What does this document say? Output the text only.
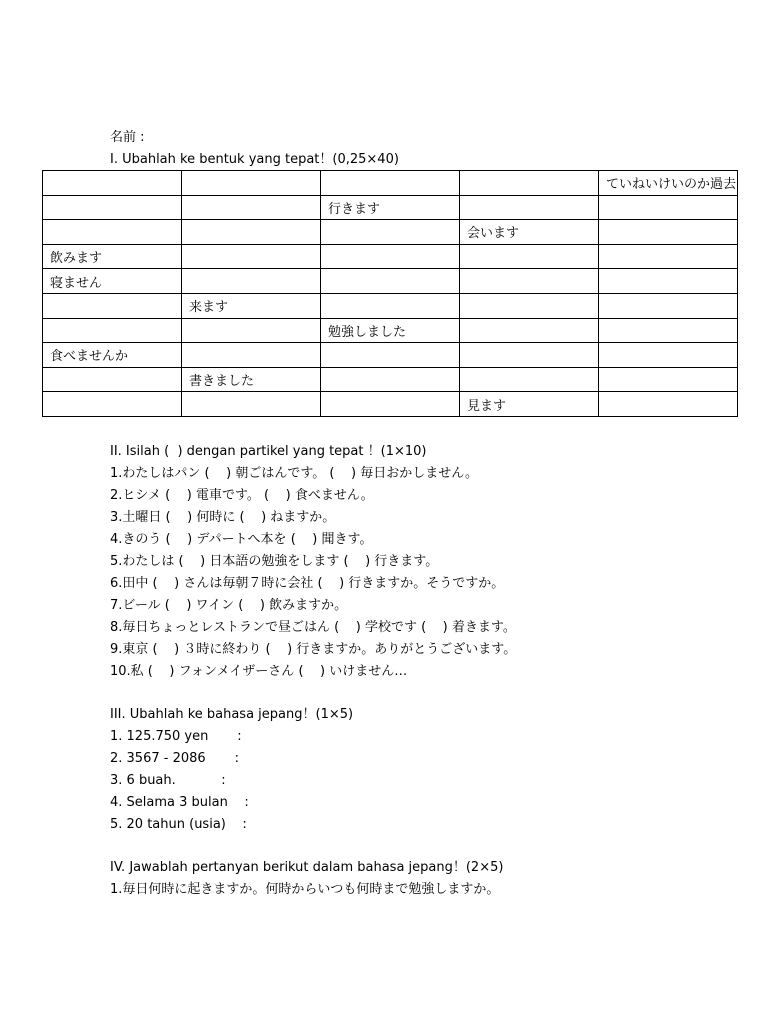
名前 :
I. Ubahlah ke bentuk yang tepat！(0,25×40)
				ていねいけいのか過去
		行きます		
			会います	
飲みます				
寝ません				
	来ます			
		勉強しました		
食べませんか				
	書きました			
			見ます	
II. Isilah (  ) dengan partikel yang tepat ！(1×10)
1.わたしはパン (    ) 朝ごはんです。 (    ) 毎日おかしません。
2.ヒシメ (    ) 電車です。 (    ) 食べません。
3.土曜日 (    ) 何時に (    ) ねますか。
4.きのう (    ) デパートへ本を (    ) 聞きす。
5.わたしは (    ) 日本語の勉強をします (    ) 行きます。
6.田中 (    ) さんは毎朝７時に会社 (    ) 行きますか。そうですか。
7.ビール (    ) ワイン (    ) 飲みますか。
8.毎日ちょっとレストランで昼ごはん (    ) 学校です (    ) 着きます。
9.東京 (    ) ３時に終わり (    ) 行きますか。ありがとうございます。
10.私 (    ) フォンメイザーさん (    ) いけません…
III. Ubahlah ke bahasa jepang！(1×5)
1. 125.750 yen       :
2. 3567 - 2086       :
3. 6 buah.           :
4. Selama 3 bulan    :
5. 20 tahun (usia)    :
IV. Jawablah pertanyan berikut dalam bahasa jepang！(2×5)
1.毎日何時に起きますか。何時からいつも何時まで勉強しますか。
